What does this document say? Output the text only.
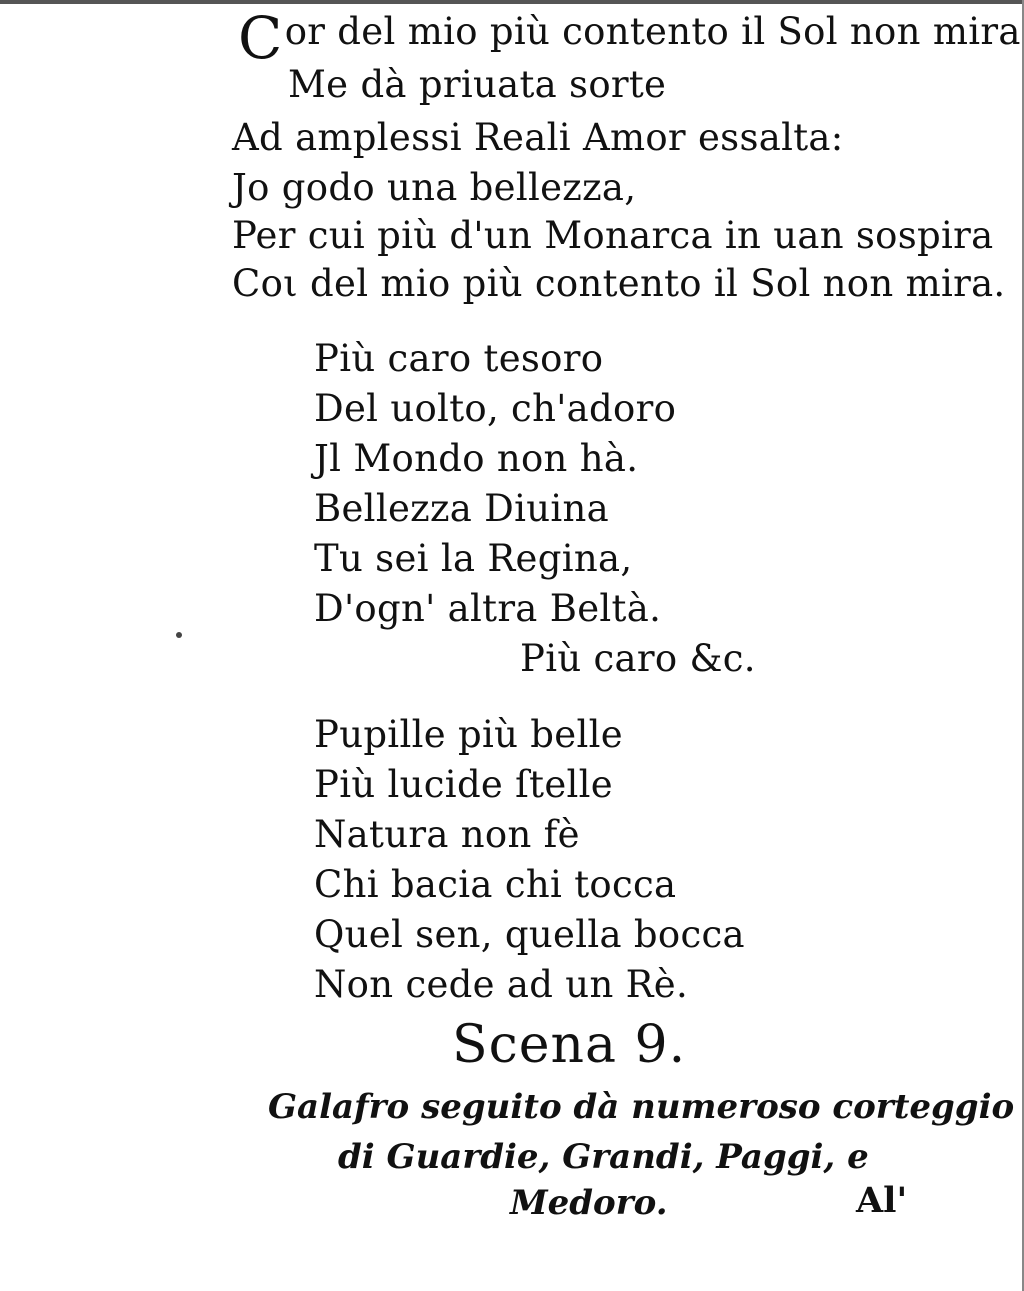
Cor del mio più contento il Sol non mira
Me dà priuata sorte
Ad amplessi Reali Amor essalta:
Jo godo una bellezza,
Per cui più d'un Monarca in uan sospira
Coι del mio più contento il Sol non mira.
Più caro tesoro
Del uolto, ch'adoro
Jl Mondo non hà.
Bellezza Diuina
Tu sei la Regina,
D'ogn' altra Beltà.
Più caro &c.
Pupille più belle
Più lucide ſtelle
Natura non fè
Chi bacia chi tocca
Quel sen, quella bocca
Non cede ad un Rè.
Scena 9.
Galafro seguito dà numeroso corteggio
di Guardie, Grandi, Paggi, e
Medoro.	Al'
